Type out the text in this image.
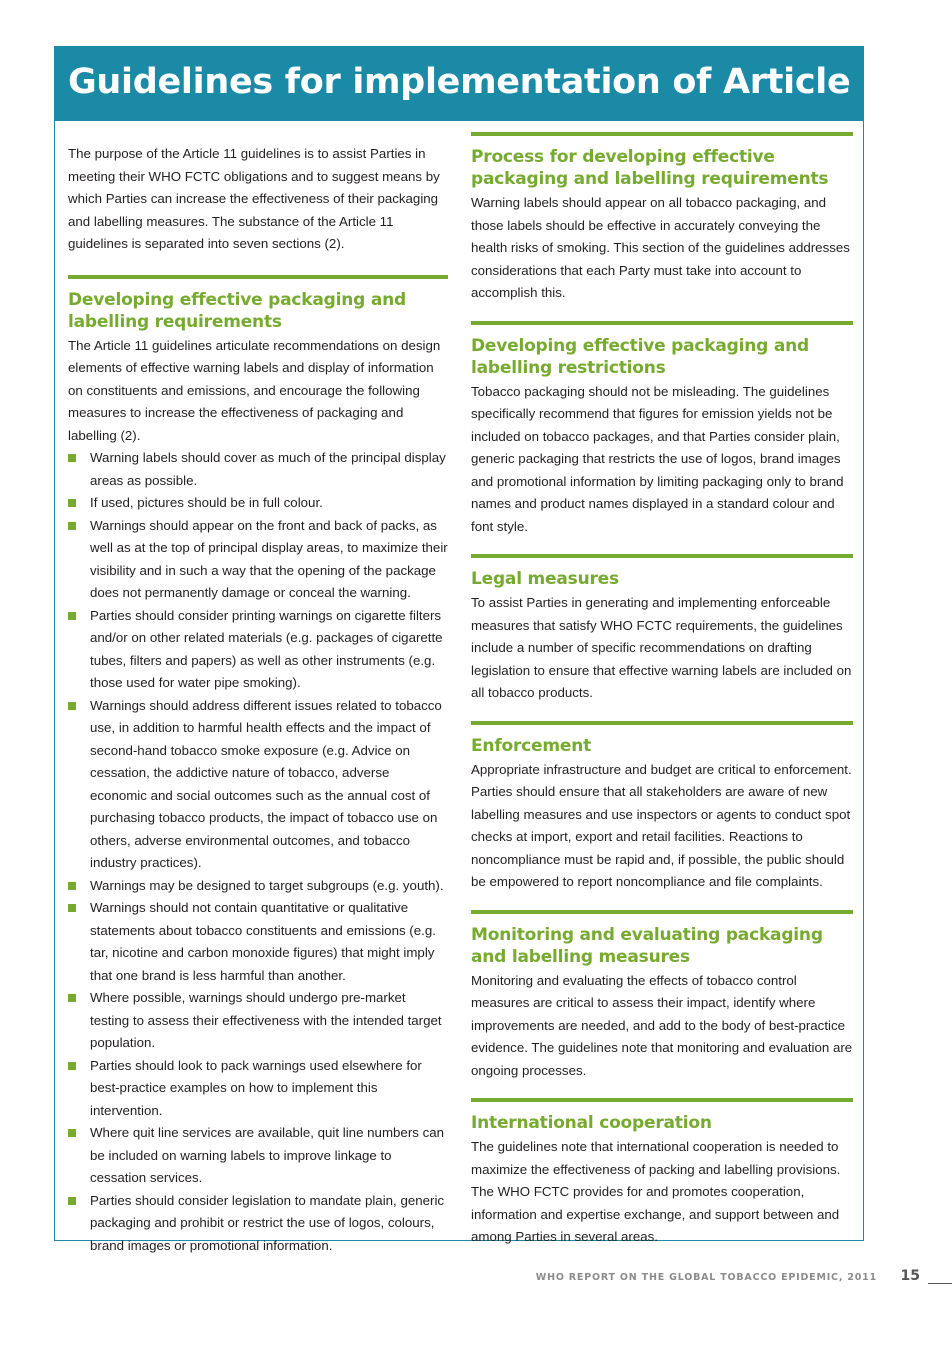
Guidelines for implementation of Article 11

The purpose of the Article 11 guidelines is to assist Parties in meeting their WHO FCTC obligations and to suggest means by which Parties can increase the effectiveness of their packaging and labelling measures. The substance of the Article 11 guidelines is separated into seven sections (2).

Developing effective packaging and labelling requirements

The Article 11 guidelines articulate recommendations on design elements of effective warning labels and display of information on constituents and emissions, and encourage the following measures to increase the effectiveness of packaging and labelling (2).

Warning labels should cover as much of the principal display areas as possible.
If used, pictures should be in full colour.
Warnings should appear on the front and back of packs, as well as at the top of principal display areas, to maximize their visibility and in such a way that the opening of the package does not permanently damage or conceal the warning.
Parties should consider printing warnings on cigarette filters and/or on other related materials (e.g. packages of cigarette tubes, filters and papers) as well as other instruments (e.g. those used for water pipe smoking).
Warnings should address different issues related to tobacco use, in addition to harmful health effects and the impact of second-hand tobacco smoke exposure (e.g. Advice on cessation, the addictive nature of tobacco, adverse economic and social outcomes such as the annual cost of purchasing tobacco products, the impact of tobacco use on others, adverse environmental outcomes, and tobacco industry practices).
Warnings may be designed to target subgroups (e.g. youth).
Warnings should not contain quantitative or qualitative statements about tobacco constituents and emissions (e.g. tar, nicotine and carbon monoxide figures) that might imply that one brand is less harmful than another.
Where possible, warnings should undergo pre-market testing to assess their effectiveness with the intended target population.
Parties should look to pack warnings used elsewhere for best-practice examples on how to implement this intervention.
Where quit line services are available, quit line numbers can be included on warning labels to improve linkage to cessation services.
Parties should consider legislation to mandate plain, generic packaging and prohibit or restrict the use of logos, colours, brand images or promotional information.
Process for developing effective packaging and labelling requirements

Warning labels should appear on all tobacco packaging, and those labels should be effective in accurately conveying the health risks of smoking. This section of the guidelines addresses considerations that each Party must take into account to accomplish this.

Developing effective packaging and labelling restrictions

Tobacco packaging should not be misleading. The guidelines specifically recommend that figures for emission yields not be included on tobacco packages, and that Parties consider plain, generic packaging that restricts the use of logos, brand images and promotional information by limiting packaging only to brand names and product names displayed in a standard colour and font style.

Legal measures

To assist Parties in generating and implementing enforceable measures that satisfy WHO FCTC requirements, the guidelines include a number of specific recommendations on drafting legislation to ensure that effective warning labels are included on all tobacco products.

Enforcement

Appropriate infrastructure and budget are critical to enforcement. Parties should ensure that all stakeholders are aware of new labelling measures and use inspectors or agents to conduct spot checks at import, export and retail facilities. Reactions to noncompliance must be rapid and, if possible, the public should be empowered to report noncompliance and file complaints.

Monitoring and evaluating packaging and labelling measures

Monitoring and evaluating the effects of tobacco control measures are critical to assess their impact, identify where improvements are needed, and add to the body of best-practice evidence. The guidelines note that monitoring and evaluation are ongoing processes.

International cooperation

The guidelines note that international cooperation is needed to maximize the effectiveness of packing and labelling provisions. The WHO FCTC provides for and promotes cooperation, information and expertise exchange, and support between and among Parties in several areas.

WHO REPORT ON THE GLOBAL TOBACCO EPIDEMIC, 2011 15
